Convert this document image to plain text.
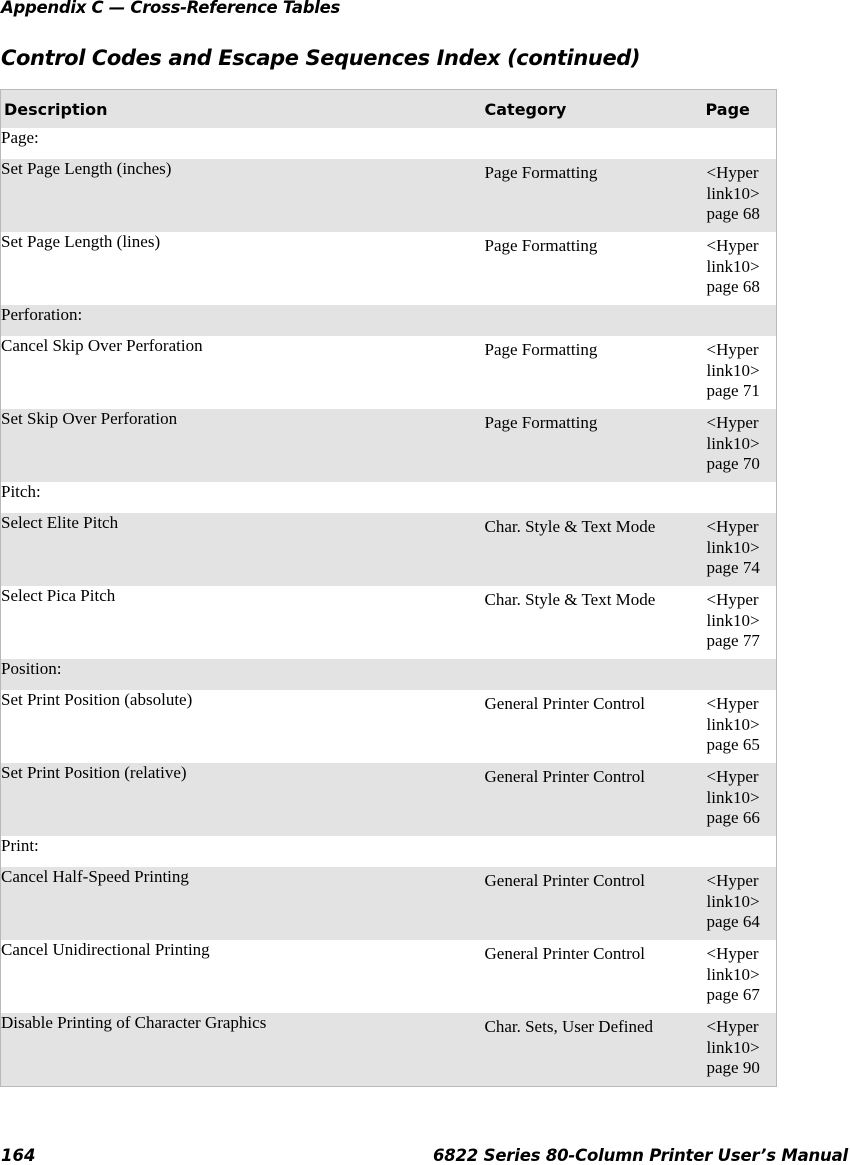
Appendix C — Cross-Reference Tables
Control Codes and Escape Sequences Index (continued)
Description	Category	Page

Page:		
Set Page Length (inches)	Page Formatting	<Hyper
link10>
page 68

Set Page Length (lines)	Page Formatting	<Hyper
link10>
page 68

Perforation:		
Cancel Skip Over Perforation	Page Formatting	<Hyper
link10>
page 71

Set Skip Over Perforation	Page Formatting	<Hyper
link10>
page 70

Pitch:		
Select Elite Pitch	Char. Style & Text Mode	<Hyper
link10>
page 74

Select Pica Pitch	Char. Style & Text Mode	<Hyper
link10>
page 77

Position:		
Set Print Position (absolute)	General Printer Control	<Hyper
link10>
page 65

Set Print Position (relative)	General Printer Control	<Hyper
link10>
page 66

Print:		
Cancel Half-Speed Printing	General Printer Control	<Hyper
link10>
page 64

Cancel Unidirectional Printing	General Printer Control	<Hyper
link10>
page 67

Disable Printing of Character Graphics	Char. Sets, User Defined	<Hyper
link10>
page 90
164	6822 Series 80-Column Printer User’s Manual
